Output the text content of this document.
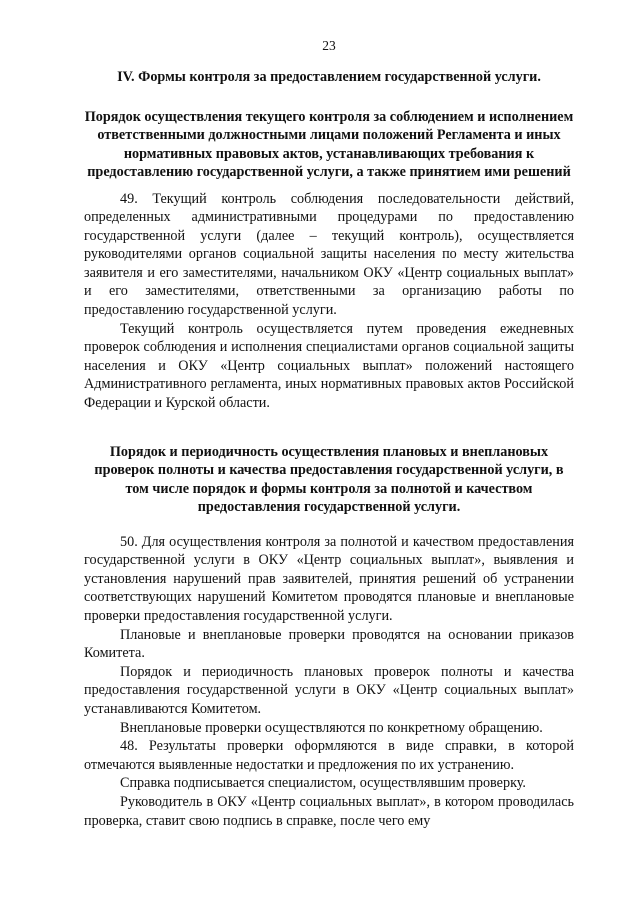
23
IV. Формы контроля за предоставлением государственной услуги.
Порядок осуществления текущего контроля за соблюдением и исполнением ответственными должностными лицами положений Регламента и иных нормативных правовых актов, устанавливающих требования к предоставлению государственной услуги, а также принятием ими решений

49. Текущий контроль соблюдения последовательности действий, определенных административными процедурами по предоставлению государственной услуги (далее – текущий контроль), осуществляется руководителями органов социальной защиты населения по месту жительства заявителя и его заместителями, начальником ОКУ «Центр социальных выплат» и его заместителями, ответственными за организацию работы по предоставлению государственной услуги.

Текущий контроль осуществляется путем проведения ежедневных проверок соблюдения и исполнения специалистами органов социальной защиты населения и ОКУ «Центр социальных выплат» положений настоящего Административного регламента, иных нормативных правовых актов Российской Федерации и Курской области.

Порядок и периодичность осуществления плановых и внеплановых проверок полноты и качества предоставления государственной услуги, в том числе порядок и формы контроля за полнотой и качеством предоставления государственной услуги.

50. Для осуществления контроля за полнотой и качеством предоставления государственной услуги в ОКУ «Центр социальных выплат», выявления и установления нарушений прав заявителей, принятия решений об устранении соответствующих нарушений Комитетом проводятся плановые и внеплановые проверки предоставления государственной услуги.

Плановые и внеплановые проверки проводятся на основании приказов Комитета.

Порядок и периодичность плановых проверок полноты и качества предоставления государственной услуги в ОКУ «Центр социальных выплат» устанавливаются Комитетом.

Внеплановые проверки осуществляются по конкретному обращению.

48. Результаты проверки оформляются в виде справки, в которой отмечаются выявленные недостатки и предложения по их устранению.

Справка подписывается специалистом, осуществлявшим проверку.

Руководитель в ОКУ «Центр социальных выплат», в котором проводилась проверка, ставит свою подпись в справке, после чего ему
